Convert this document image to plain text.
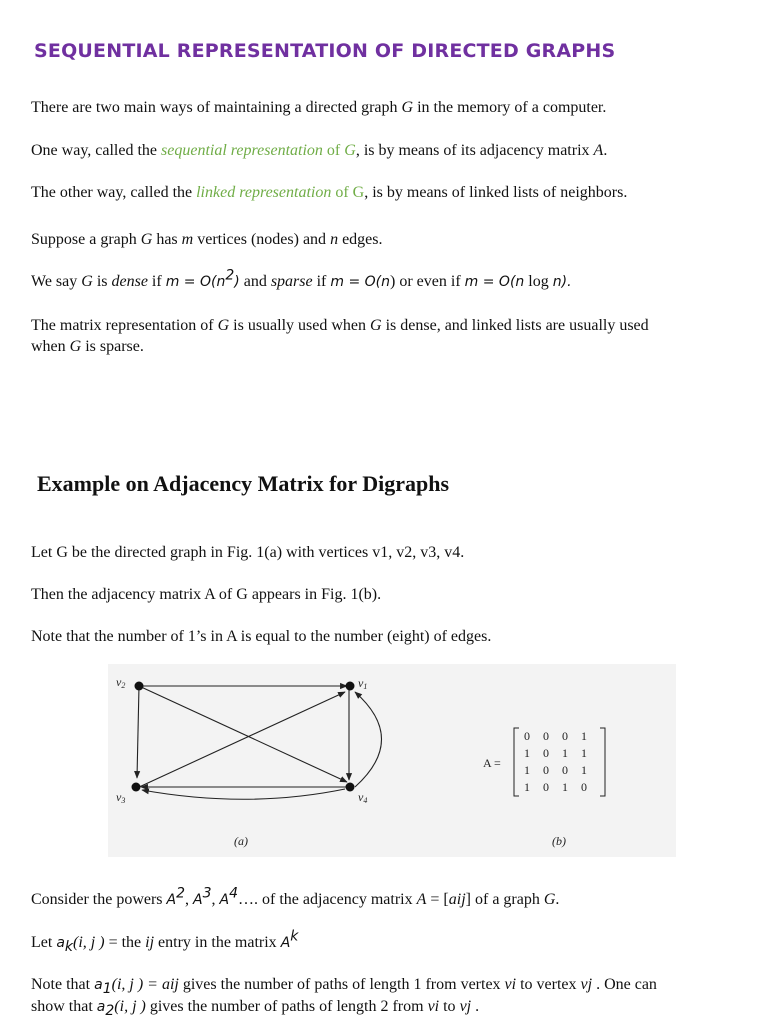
SEQUENTIAL REPRESENTATION OF DIRECTED GRAPHS
There are two main ways of maintaining a directed graph G in the memory of a computer.
One way, called the sequential representation of G, is by means of its adjacency matrix A.
The other way, called the linked representation of G, is by means of linked lists of neighbors.
Suppose a graph G has m vertices (nodes) and n edges.
We say G is dense if $m = O(n^2)$ and sparse if m = O(n) or even if m = O(n log n).
The matrix representation of G is usually used when G is dense, and linked lists are usually used
when G is sparse.
Example on Adjacency Matrix for Digraphs
Let G be the directed graph in Fig. 1(a) with vertices v1, v2, v3, v4.
Then the adjacency matrix A of G appears in Fig. 1(b).
Note that the number of 1’s in A is equal to the number (eight) of edges.
v2	v1
v3	v4
(a)	(b)
A =
0 0 0 1
1 0 1 1
1 0 0 1
1 0 1 0
Consider the powers $A^2$, $A^3$, $A^4\dots$. of the adjacency matrix A = [aij] of a graph G.
Let $a_k(i$, j ) = the ij entry in the matrix $A^k$
Note that $a_1(i$, j ) = aij gives the number of paths of length 1 from vertex vi to vertex vj . One can
show that $a_2(i$, j ) gives the number of paths of length 2 from vi to vj .
